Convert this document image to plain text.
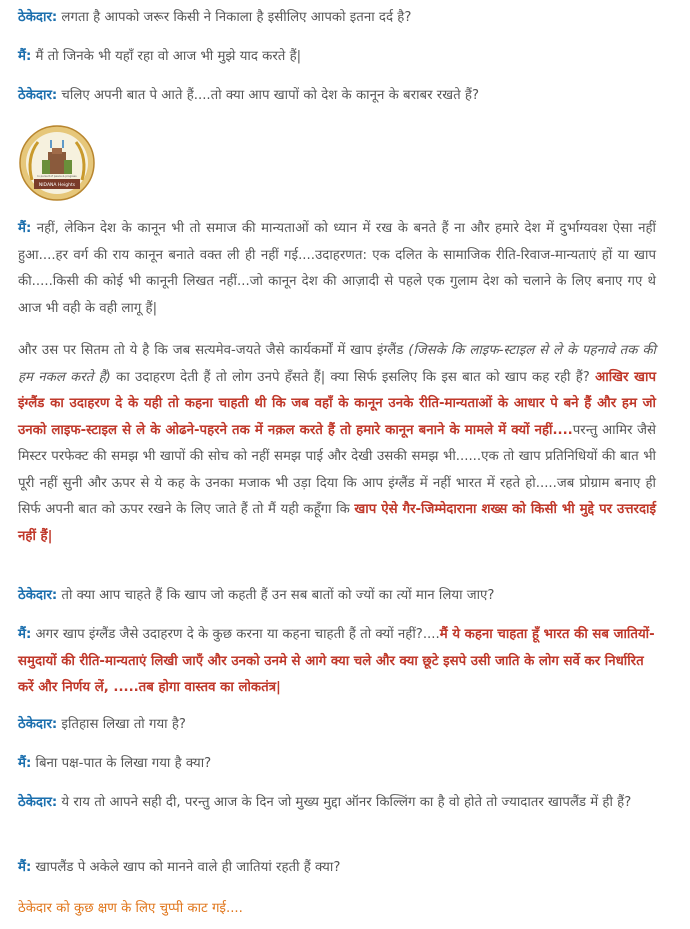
ठेकेदार: लगता है आपको जरूर किसी ने निकाला है इसीलिए आपको इतना दर्द है?

मैं: मैं तो जिनके भी यहाँ रहा वो आज भी मुझे याद करते हैं|

ठेकेदार: चलिए अपनी बात पे आते हैं....तो क्या आप खापों को देश के कानून के बराबर रखते हैं?

NIDANA Heights
In pursuit of peace & progress

मैं: नहीं, लेकिन देश के कानून भी तो समाज की मान्यताओं को ध्यान में रख के बनते हैं ना और हमारे देश में दुर्भाग्यवश ऐसा नहीं हुआ....हर वर्ग की राय कानून बनाते वक्त ली ही नहीं गई....उदाहरणत: एक दलित के सामाजिक रीति-रिवाज-मान्यताएं हों या खाप की.....किसी की कोई भी कानूनी लिखत नहीं...जो कानून देश की आज़ादी से पहले एक गुलाम देश को चलाने के लिए बनाए गए थे आज भी वही के वही लागू हैं|

और उस पर सितम तो ये है कि जब सत्यमेव-जयते जैसे कार्यकर्मों में खाप इंग्लैंड (जिसके कि लाइफ-स्टाइल से ले के पहनावे तक की हम नकल करते हैं) का उदाहरण देती हैं तो लोग उनपे हँसते हैं| क्या सिर्फ इसलिए कि इस बात को खाप कह रही हैं? आखिर खाप इंग्लैंड का उदाहरण दे के यही तो कहना चाहती थी कि जब वहाँ के कानून उनके रीति-मान्यताओं के आधार पे बने हैं और हम जो उनको लाइफ-स्टाइल से ले के ओढने-पहरने तक में नक़ल करते हैं तो हमारे कानून बनाने के मामले में क्यों नहीं....परन्तु आमिर जैसे मिस्टर परफेक्ट की समझ भी खापों की सोच को नहीं समझ पाई और देखी उसकी समझ भी......एक तो खाप प्रतिनिधियों की बात भी पूरी नहीं सुनी और ऊपर से ये कह के उनका मजाक भी उड़ा दिया कि आप इंग्लैंड में नहीं भारत में रहते हो.....जब प्रोग्राम बनाए ही सिर्फ अपनी बात को ऊपर रखने के लिए जाते हैं तो मैं यही कहूँगा कि खाप ऐसे गैर-जिम्मेदाराना शख्स को किसी भी मुद्दे पर उत्तरदाई नहीं हैं|

ठेकेदार: तो क्या आप चाहते हैं कि खाप जो कहती हैं उन सब बातों को ज्यों का त्यों मान लिया जाए?

मैं: अगर खाप इंग्लैंड जैसे उदाहरण दे के कुछ करना या कहना चाहती हैं तो क्यों नहीं?....मैं ये कहना चाहता हूँ भारत की सब जातियों-समुदायों की रीति-मान्यताएं लिखी जाएँ और उनको उनमे से आगे क्या चले और क्या छूटे इसपे उसी जाति के लोग सर्वे कर निर्धारित करें और निर्णय लें, .....तब होगा वास्तव का लोकतंत्र|

ठेकेदार: इतिहास लिखा तो गया है?

मैं: बिना पक्ष-पात के लिखा गया है क्या?

ठेकेदार: ये राय तो आपने सही दी, परन्तु आज के दिन जो मुख्य मुद्दा ऑनर किल्लिंग का है वो होते तो ज्यादातर खापलैंड में ही हैं?

मैं: खापलैंड पे अकेले खाप को मानने वाले ही जातियां रहती हैं क्या?

ठेकेदार को कुछ क्षण के लिए चुप्पी काट गई....
